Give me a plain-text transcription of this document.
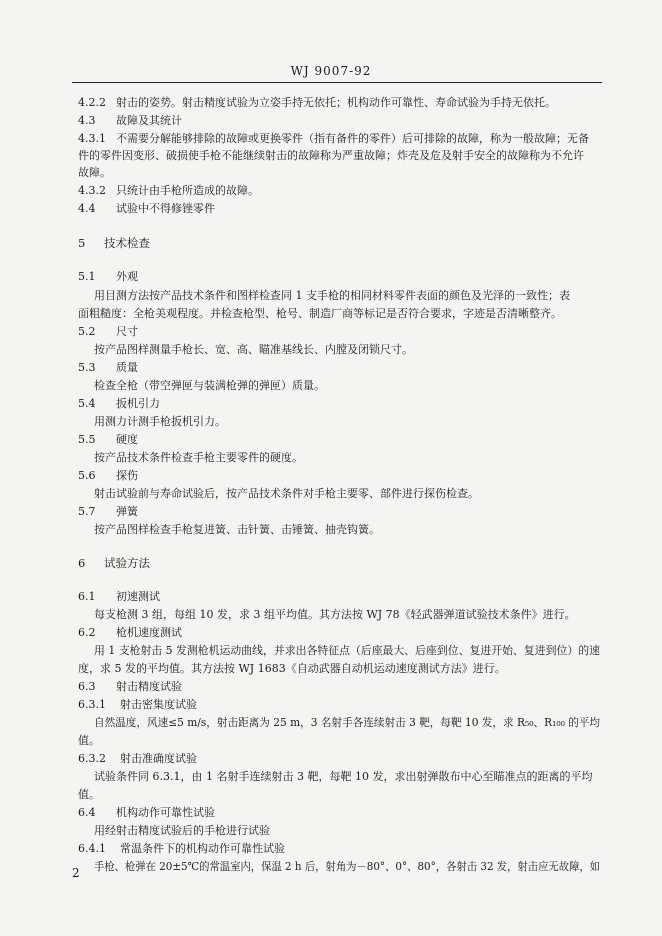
WJ 9007-92
4.2.2 射击的姿势。射击精度试验为立姿手持无依托；机构动作可靠性、寿命试验为手持无依托。
4.3 故障及其统计
4.3.1 不需要分解能够排除的故障或更换零件（指有备件的零件）后可排除的故障，称为一般故障；无备
件的零件因变形、破损使手枪不能继续射击的故障称为严重故障；炸壳及危及射手安全的故障称为不允许
故障。
4.3.2 只统计由手枪所造成的故障。
4.4 试验中不得修锉零件
5 技术检查
5.1 外观
用目测方法按产品技术条件和图样检查同 1 支手枪的相同材料零件表面的颜色及光泽的一致性；表
面粗糙度：全枪美观程度。并检查枪型、枪号、制造厂商等标记是否符合要求，字迹是否清晰整齐。
5.2 尺寸
按产品图样测量手枪长、宽、高、瞄准基线长、内膛及闭锁尺寸。
5.3 质量
检查全枪（带空弹匣与装满枪弹的弹匣）质量。
5.4 扳机引力
用测力计测手枪扳机引力。
5.5 硬度
按产品技术条件检查手枪主要零件的硬度。
5.6 探伤
射击试验前与寿命试验后，按产品技术条件对手枪主要零、部件进行探伤检查。
5.7 弹簧
按产品图样检查手枪复进簧、击针簧、击锤簧、抽壳钩簧。
6 试验方法
6.1 初速测试
每支枪测 3 组，每组 10 发，求 3 组平均值。其方法按 WJ 78《轻武器弹道试验技术条件》进行。
6.2 枪机速度测试
用 1 支枪射击 5 发测枪机运动曲线，并求出各特征点（后座最大、后座到位、复进开始、复进到位）的速
度，求 5 发的平均值。其方法按 WJ 1683《自动武器自动机运动速度测试方法》进行。
6.3 射击精度试验
6.3.1 射击密集度试验
自然温度，风速≤5 m/s，射击距离为 25 m，3 名射手各连续射击 3 靶，每靶 10 发，求 R₅₀、R₁₀₀ 的平均
值。
6.3.2 射击准确度试验
试验条件同 6.3.1，由 1 名射手连续射击 3 靶，每靶 10 发，求出射弹散布中心至瞄准点的距离的平均
值。
6.4 机构动作可靠性试验
用经射击精度试验后的手枪进行试验
6.4.1 常温条件下的机构动作可靠性试验
手枪、枪弹在 20±5℃的常温室内，保温 2 h 后，射角为－80°、0°、80°，各射击 32 发，射击应无故障，如
2
